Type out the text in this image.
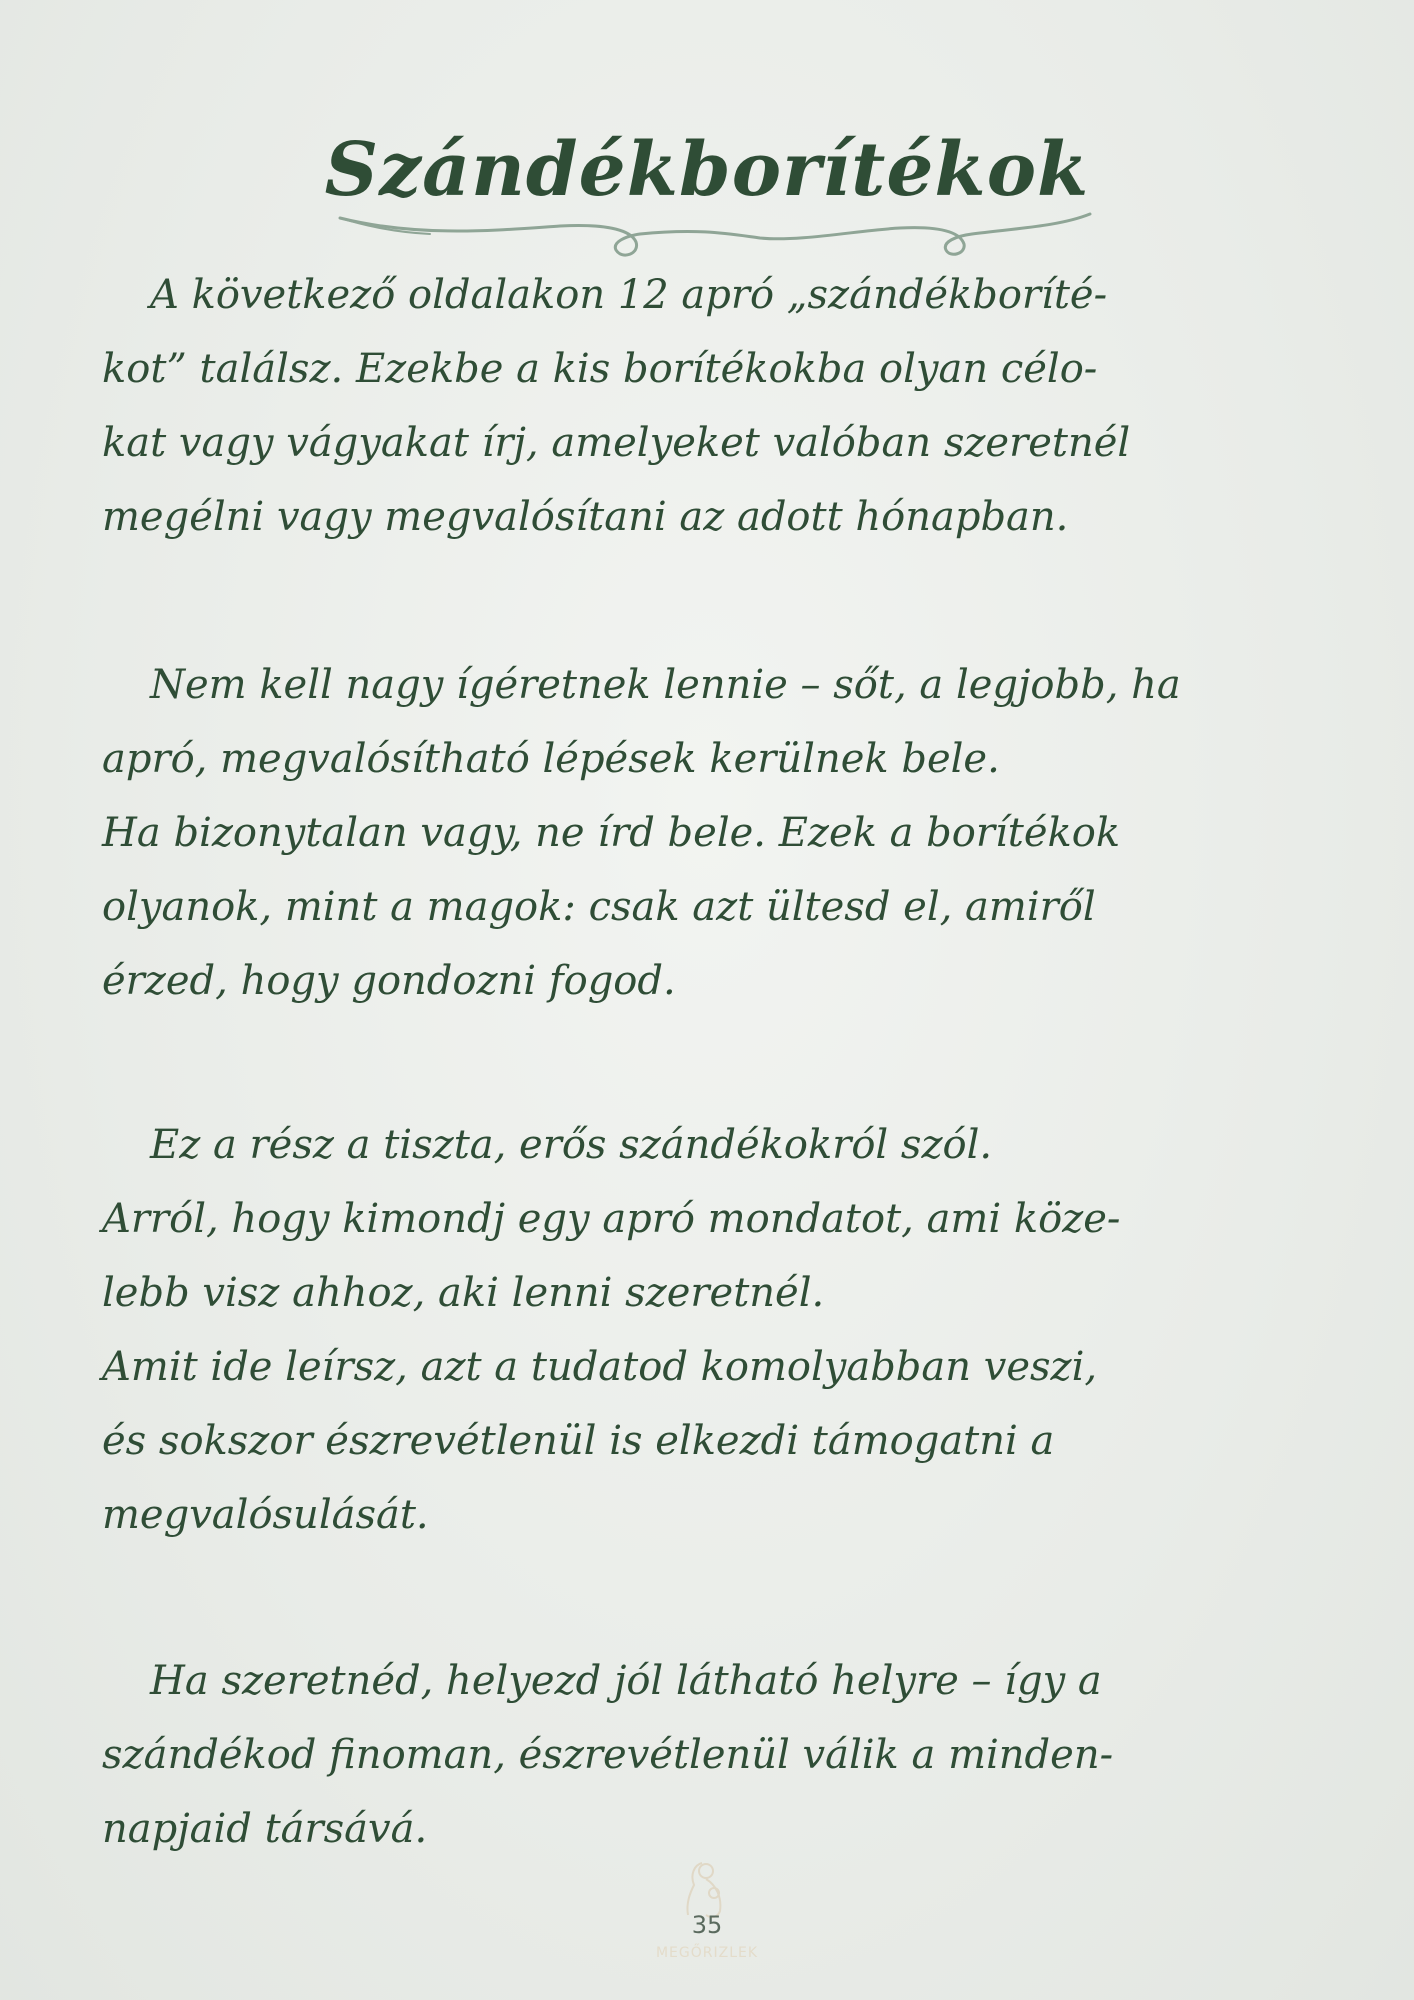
Szándékborítékok
A következő oldalakon 12 apró „szándékboríté-
kot” találsz. Ezekbe a kis borítékokba olyan célo-
kat vagy vágyakat írj, amelyeket valóban szeretnél
megélni vagy megvalósítani az adott hónapban.
Nem kell nagy ígéretnek lennie – sőt, a legjobb, ha
apró, megvalósítható lépések kerülnek bele.
Ha bizonytalan vagy, ne írd bele. Ezek a borítékok
olyanok, mint a magok: csak azt ültesd el, amiről
érzed, hogy gondozni fogod.
Ez a rész a tiszta, erős szándékokról szól.
Arról, hogy kimondj egy apró mondatot, ami köze-
lebb visz ahhoz, aki lenni szeretnél.
Amit ide leírsz, azt a tudatod komolyabban veszi,
és sokszor észrevétlenül is elkezdi támogatni a
megvalósulását.
Ha szeretnéd, helyezd jól látható helyre – így a
szándékod finoman, észrevétlenül válik a minden-
napjaid társává.
35
MEGŐRIZLEK
